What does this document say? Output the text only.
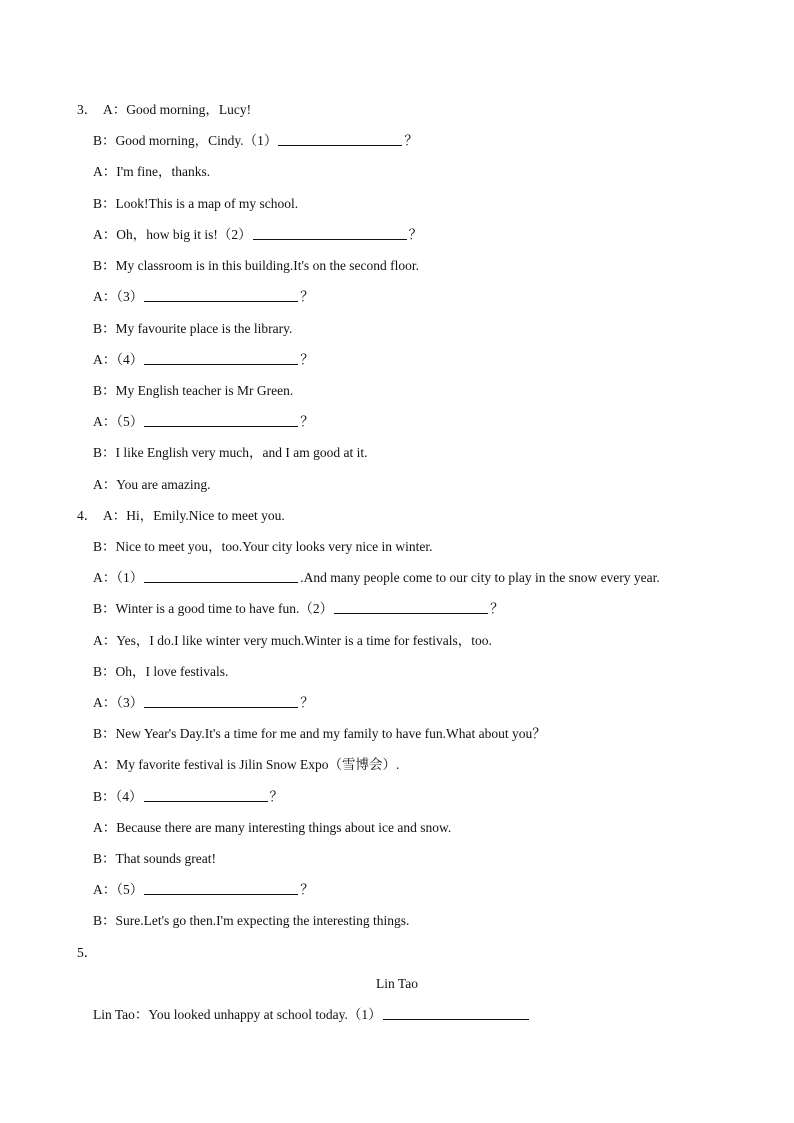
3． A：Good morning，Lucy!
B：Good morning，Cindy.（1）	？
A：I'm fine，thanks.
B：Look!This is a map of my school.
A：Oh，how big it is!（2）	？
B：My classroom is in this building.It's on the second floor.
A：（3）	？
B：My favourite place is the library.
A：（4）	？
B：My English teacher is Mr Green.
A：（5）	？
B：I like English very much，and I am good at it.
A：You are amazing.
4． A：Hi，Emily.Nice to meet you.
B：Nice to meet you，too.Your city looks very nice in winter.
A：（1）	.And many people come to our city to play in the snow every year.
B：Winter is a good time to have fun.（2）	？
A：Yes，I do.I like winter very much.Winter is a time for festivals，too.
B：Oh，I love festivals.
A：（3）	？
B：New Year's Day.It's a time for me and my family to have fun.What about you？
A：My favorite festival is Jilin Snow Expo（雪博会）.
B：（4）	？
A：Because there are many interesting things about ice and snow.
B：That sounds great!
A：（5）	？
B：Sure.Let's go then.I'm expecting the interesting things.
5．
Lin Tao
Lin Tao：You looked unhappy at school today.（1）
